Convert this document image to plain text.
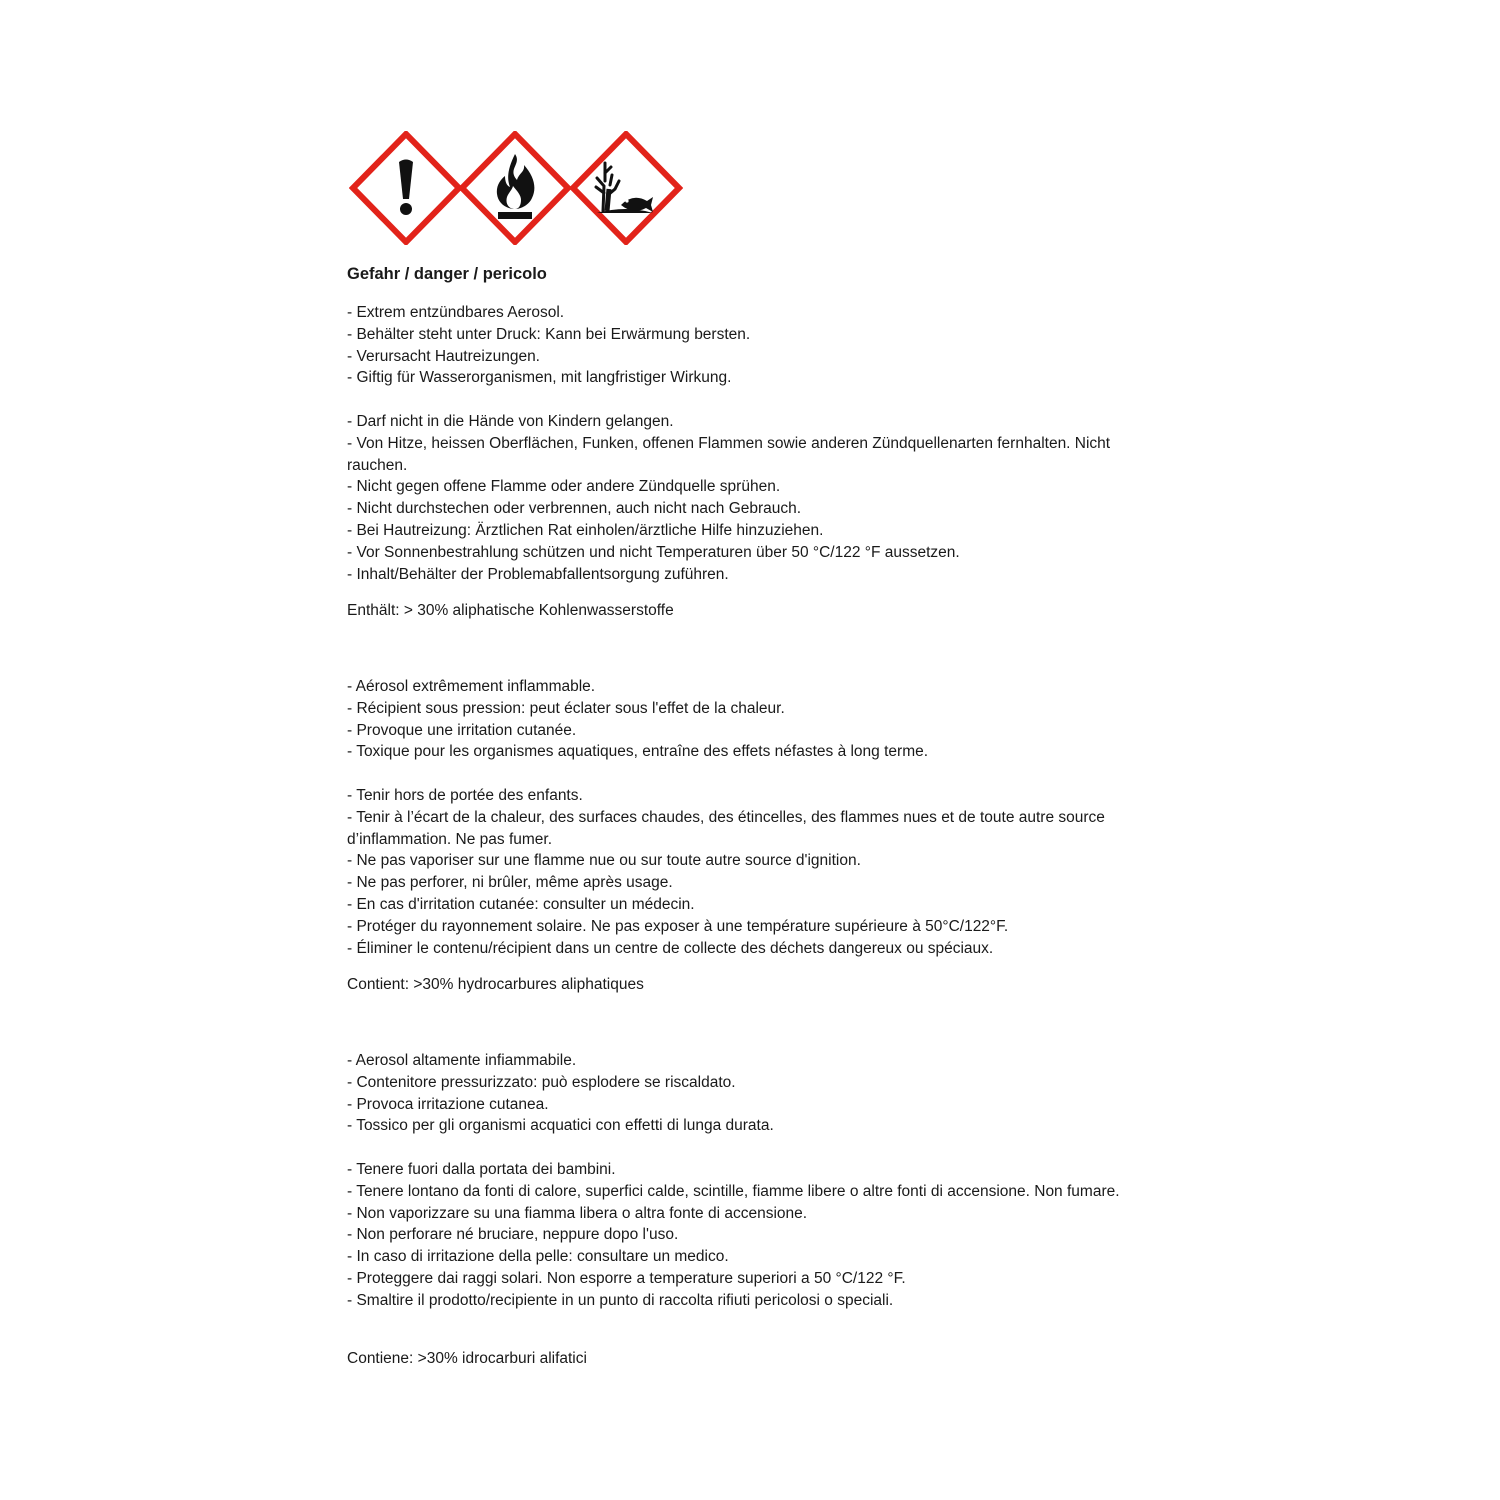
Gefahr / danger / pericolo
- Extrem entzündbares Aerosol.
- Behälter steht unter Druck: Kann bei Erwärmung bersten.
- Verursacht Hautreizungen.
- Giftig für Wasserorganismen, mit langfristiger Wirkung.
- Darf nicht in die Hände von Kindern gelangen.
- Von Hitze, heissen Oberflächen, Funken, offenen Flammen sowie anderen Zündquellenarten fernhalten. Nicht rauchen.
- Nicht gegen offene Flamme oder andere Zündquelle sprühen.
- Nicht durchstechen oder verbrennen, auch nicht nach Gebrauch.
- Bei Hautreizung: Ärztlichen Rat einholen/ärztliche Hilfe hinzuziehen.
- Vor Sonnenbestrahlung schützen und nicht Temperaturen über 50 °C/122 °F aussetzen.
- Inhalt/Behälter der Problemabfallentsorgung zuführen.
Enthält: > 30% aliphatische Kohlenwasserstoffe
- Aérosol extrêmement inflammable.
- Récipient sous pression: peut éclater sous l'effet de la chaleur.
- Provoque une irritation cutanée.
- Toxique pour les organismes aquatiques, entraîne des effets néfastes à long terme.
- Tenir hors de portée des enfants.
- Tenir à l’écart de la chaleur, des surfaces chaudes, des étincelles, des flammes nues et de toute autre source d’inflammation. Ne pas fumer.
- Ne pas vaporiser sur une flamme nue ou sur toute autre source d'ignition.
- Ne pas perforer, ni brûler, même après usage.
- En cas d'irritation cutanée: consulter un médecin.
- Protéger du rayonnement solaire. Ne pas exposer à une température supérieure à 50°C/122°F.
- Éliminer le contenu/récipient dans un centre de collecte des déchets dangereux ou spéciaux.
Contient: >30% hydrocarbures aliphatiques
- Aerosol altamente infiammabile.
- Contenitore pressurizzato: può esplodere se riscaldato.
- Provoca irritazione cutanea.
- Tossico per gli organismi acquatici con effetti di lunga durata.
- Tenere fuori dalla portata dei bambini.
- Tenere lontano da fonti di calore, superfici calde, scintille, fiamme libere o altre fonti di accensione. Non fumare.
- Non vaporizzare su una fiamma libera o altra fonte di accensione.
- Non perforare né bruciare, neppure dopo l'uso.
- In caso di irritazione della pelle: consultare un medico.
- Proteggere dai raggi solari. Non esporre a temperature superiori a 50 °C/122 °F.
- Smaltire il prodotto/recipiente in un punto di raccolta rifiuti pericolosi o speciali.
Contiene: >30% idrocarburi alifatici
